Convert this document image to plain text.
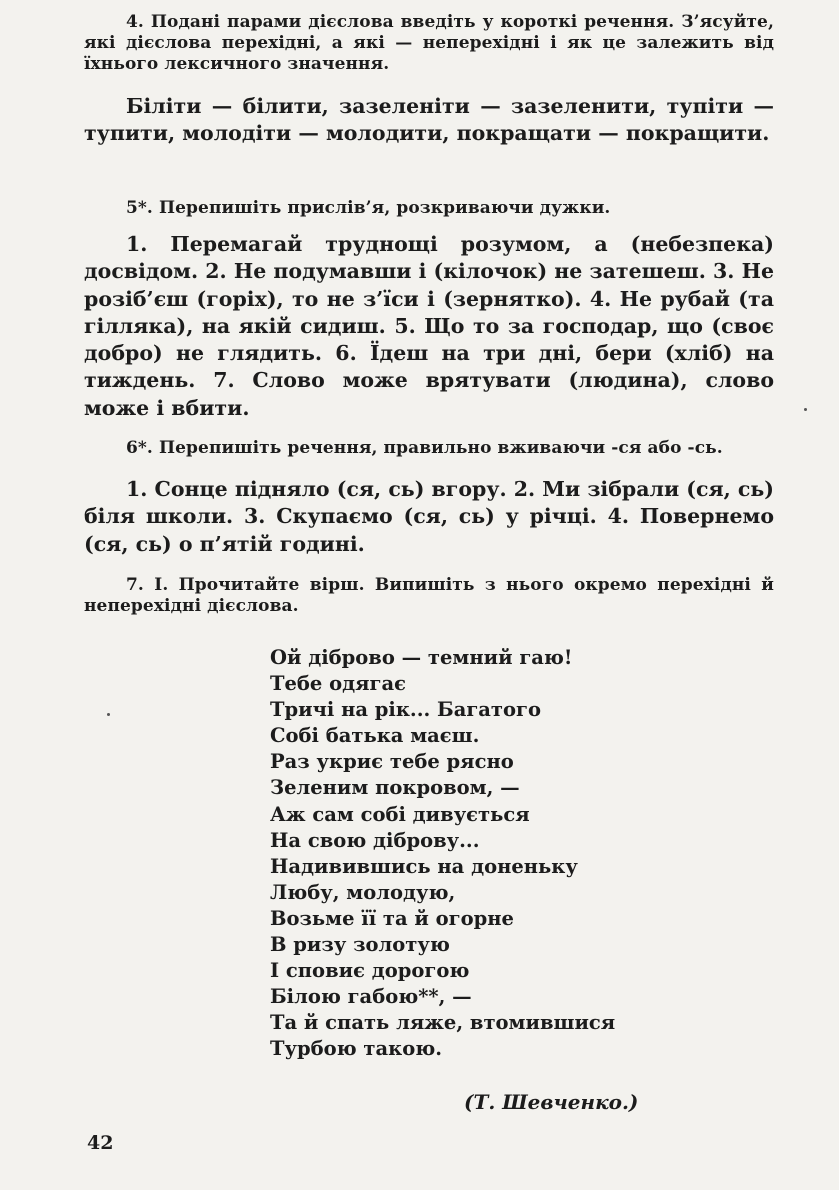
4. Подані парами дієслова введіть у короткі речення. З’ясуйте, які дієслова перехідні, а які — неперехідні і як це залежить від їхнього лексичного значення.
Біліти — білити, зазеленіти — зазеленити, тупіти — тупити, молодіти — молодити, покращати — покращити.
5*. Перепишіть прислів’я, розкриваючи дужки.
1. Перемагай труднощі розумом, а (небезпека) досвідом. 2. Не подумавши і (кілочок) не затешеш. 3. Не розіб’єш (горіх), то не з’їси і (зернятко). 4. Не рубай (та гілляка), на якій сидиш. 5. Що то за господар, що (своє добро) не глядить. 6. Їдеш на три дні, бери (хліб) на тиждень. 7. Слово може врятувати (людина), слово може і вбити.
6*. Перепишіть речення, правильно вживаючи -ся або -сь.
1. Сонце підняло (ся, сь) вгору. 2. Ми зібрали (ся, сь) біля школи. 3. Скупаємо (ся, сь) у річці. 4. Повернемо (ся, сь) о п’ятій годині.
7. І. Прочитайте вірш. Випишіть з нього окремо перехідні й неперехідні дієслова.
Ой діброво — темний гаю!
Тебе одягає
Тричі на рік... Багатого
Собі батька маєш.
Раз укриє тебе рясно
Зеленим покровом, —
Аж сам собі дивується
На свою діброву...
Надивившись на доненьку
Любу, молодую,
Возьме її та й огорне
В ризу золотую
І сповиє дорогою
Білою габою**, —
Та й спать ляже, втомившися
Турбою такою.
(Т. Шевченко.)
42
